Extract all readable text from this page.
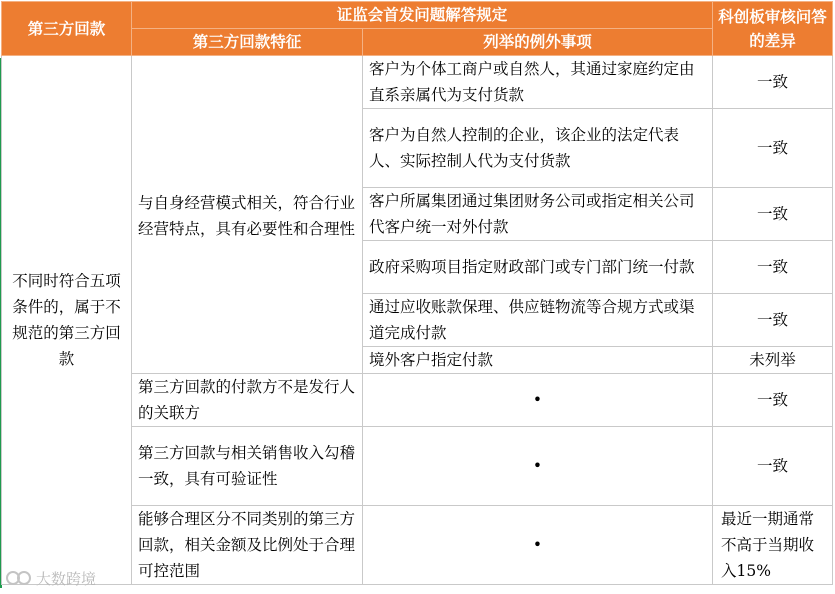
第三方回款	证监会首发问题解答规定		科创板审核问答的差异
	第三方回款特征	列举的例外事项	
不同时符合五项条件的，属于不规范的第三方回款	与自身经营模式相关，符合行业经营特点，具有必要性和合理性	客户为个体工商户或自然人，其通过家庭约定由直系亲属代为支付货款	一致
		客户为自然人控制的企业，该企业的法定代表人、实际控制人代为支付货款	一致
		客户所属集团通过集团财务公司或指定相关公司代客户统一对外付款	一致
		政府采购项目指定财政部门或专门部门统一付款	一致
		通过应收账款保理、供应链物流等合规方式或渠道完成付款	一致
		境外客户指定付款	未列举
	第三方回款的付款方不是发行人的关联方	•	一致
	第三方回款与相关销售收入勾稽一致，具有可验证性	•	一致
	能够合理区分不同类别的第三方回款，相关金额及比例处于合理可控范围	•	最近一期通常不高于当期收入15%
大数跨境
